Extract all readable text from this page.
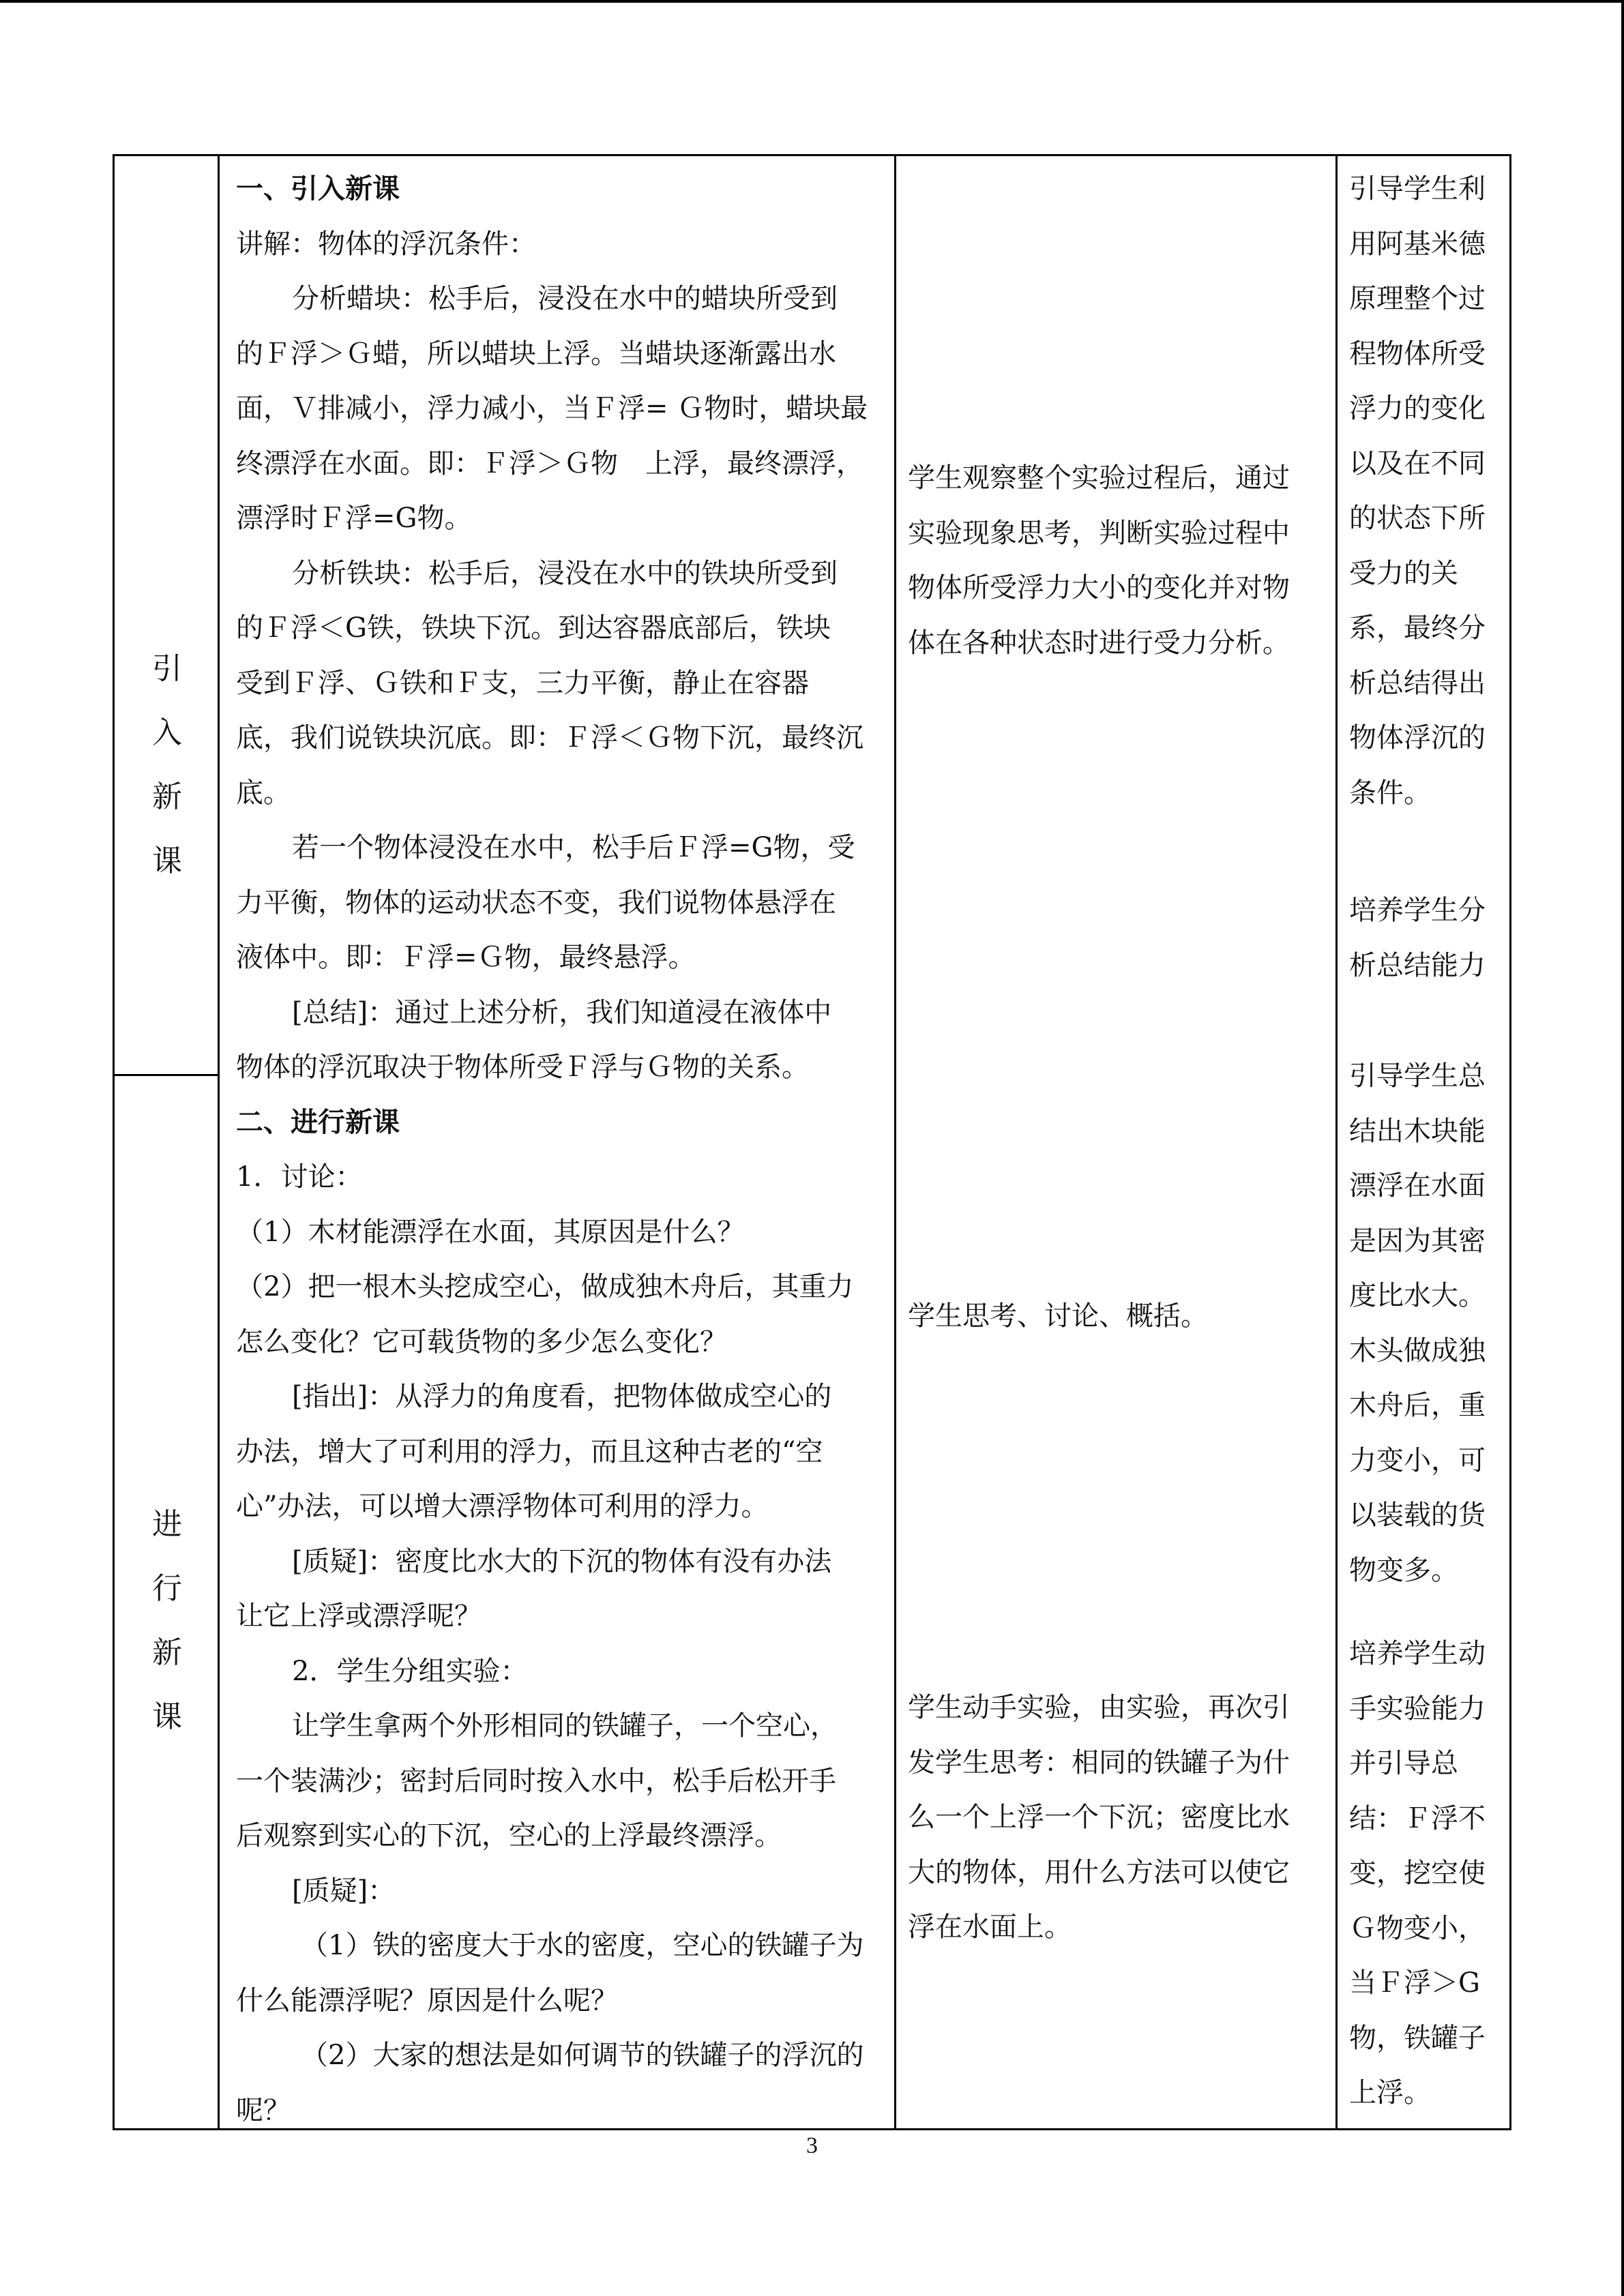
引
入
新
课
进
行
新
课

一、引入新课

讲解：物体的浮沉条件：

分析蜡块：松手后，浸没在水中的蜡块所受到

的Ｆ浮＞Ｇ蜡，所以蜡块上浮。当蜡块逐渐露出水

面，Ｖ排减小，浮力减小，当Ｆ浮= Ｇ物时，蜡块最

终漂浮在水面。即：Ｆ浮＞Ｇ物　上浮，最终漂浮，

漂浮时Ｆ浮=G物。

分析铁块：松手后，浸没在水中的铁块所受到

的Ｆ浮＜G铁，铁块下沉。到达容器底部后，铁块

受到Ｆ浮、Ｇ铁和Ｆ支，三力平衡，静止在容器

底，我们说铁块沉底。即：Ｆ浮＜Ｇ物下沉，最终沉

底。

若一个物体浸没在水中，松手后Ｆ浮=G物，受

力平衡，物体的运动状态不变，我们说物体悬浮在

液体中。即：Ｆ浮=Ｇ物，最终悬浮。

[总结]：通过上述分析，我们知道浸在液体中

物体的浮沉取决于物体所受Ｆ浮与Ｇ物的关系。

二、进行新课

1．讨论：

（1）木材能漂浮在水面，其原因是什么？

（2）把一根木头挖成空心，做成独木舟后，其重力

怎么变化？它可载货物的多少怎么变化？

[指出]：从浮力的角度看，把物体做成空心的

办法，增大了可利用的浮力，而且这种古老的“空

心”办法，可以增大漂浮物体可利用的浮力。

[质疑]：密度比水大的下沉的物体有没有办法

让它上浮或漂浮呢？

2．学生分组实验：

让学生拿两个外形相同的铁罐子，一个空心，

一个装满沙；密封后同时按入水中，松手后松开手

后观察到实心的下沉，空心的上浮最终漂浮。

[质疑]：

（1）铁的密度大于水的密度，空心的铁罐子为

什么能漂浮呢？原因是什么呢？

（2）大家的想法是如何调节的铁罐子的浮沉的

呢？

学生观察整个实验过程后，通过

实验现象思考，判断实验过程中

物体所受浮力大小的变化并对物

体在各种状态时进行受力分析。

学生思考、讨论、概括。

学生动手实验，由实验，再次引

发学生思考：相同的铁罐子为什

么一个上浮一个下沉；密度比水

大的物体，用什么方法可以使它

浮在水面上。

引导学生利

用阿基米德

原理整个过

程物体所受

浮力的变化

以及在不同

的状态下所

受力的关

系，最终分

析总结得出

物体浮沉的

条件。

培养学生分

析总结能力

引导学生总

结出木块能

漂浮在水面

是因为其密

度比水大。

木头做成独

木舟后，重

力变小，可

以装载的货

物变多。

培养学生动

手实验能力

并引导总

结：Ｆ浮不

变，挖空使

Ｇ物变小，

当Ｆ浮＞G

物，铁罐子

上浮。

3
